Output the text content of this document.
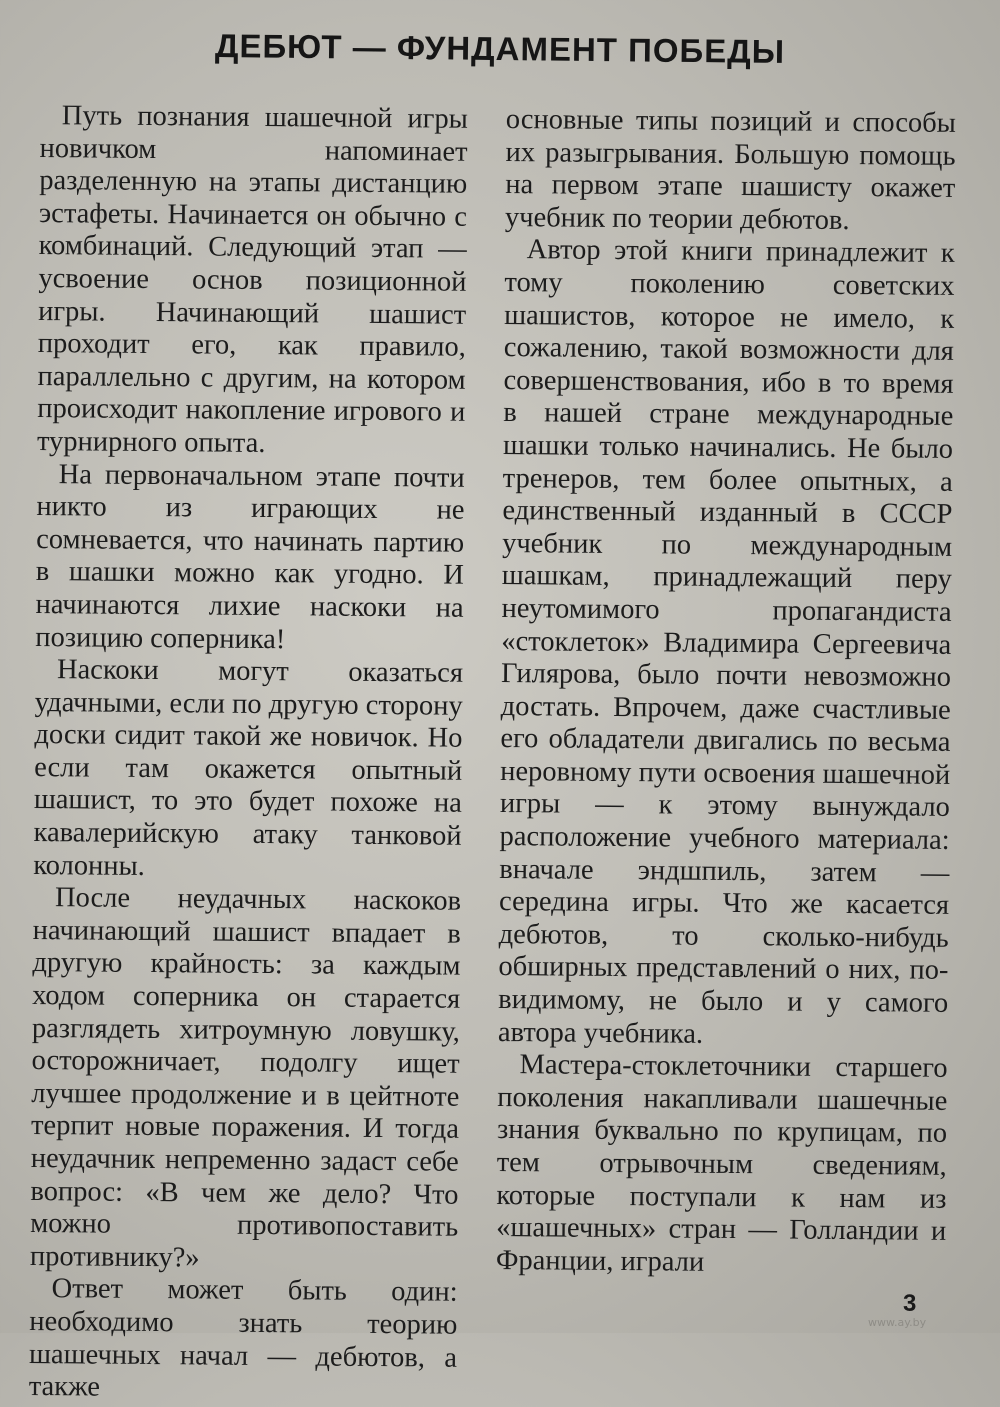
ДЕБЮТ — ФУНДАМЕНТ ПОБЕДЫ

Путь познания шашечной игры новичком напоминает разделенную на этапы дистанцию эстафеты. Начинается он обычно с комбинаций. Следующий этап — усвоение основ позиционной игры. Начинающий шашист проходит его, как правило, параллельно с другим, на котором происходит накопление игрового и турнирного опыта.

На первоначальном этапе почти никто из играющих не сомневается, что начинать партию в шашки можно как угодно. И начинаются лихие наскоки на позицию соперника!

Наскоки могут оказаться удачными, если по другую сторону доски сидит такой же новичок. Но если там окажется опытный шашист, то это будет похоже на кавалерийскую атаку танковой колонны.

После неудачных наскоков начинающий шашист впадает в другую крайность: за каждым ходом соперника он старается разглядеть хитроумную ловушку, осторожничает, подолгу ищет лучшее продолжение и в цейтноте терпит новые поражения. И тогда неудачник непременно задаст себе вопрос: «В чем же дело? Что можно противопоставить противнику?»

Ответ может быть один: необходимо знать теорию шашечных начал — дебютов, а также

основные типы позиций и способы их разыгрывания. Большую помощь на первом этапе шашисту окажет учебник по теории дебютов.

Автор этой книги принадлежит к тому поколению советских шашистов, которое не имело, к сожалению, такой возможности для совершенствования, ибо в то время в нашей стране международные шашки только начинались. Не было тренеров, тем более опытных, а единственный изданный в СССР учебник по международным шашкам, принадлежащий перу неутомимого пропагандиста «стоклеток» Владимира Сергеевича Гилярова, было почти невозможно достать. Впрочем, даже счастливые его обладатели двигались по весьма неровному пути освоения шашечной игры — к этому вынуждало расположение учебного материала: вначале эндшпиль, затем — середина игры. Что же касается дебютов, то сколько-нибудь обширных представлений о них, по-видимому, не было и у самого автора учебника.

Мастера-стоклеточники старшего поколения накапливали шашечные знания буквально по крупицам, по тем отрывочным сведениям, которые поступали к нам из «шашечных» стран — Голландии и Франции, играли

3
www.ay.by
